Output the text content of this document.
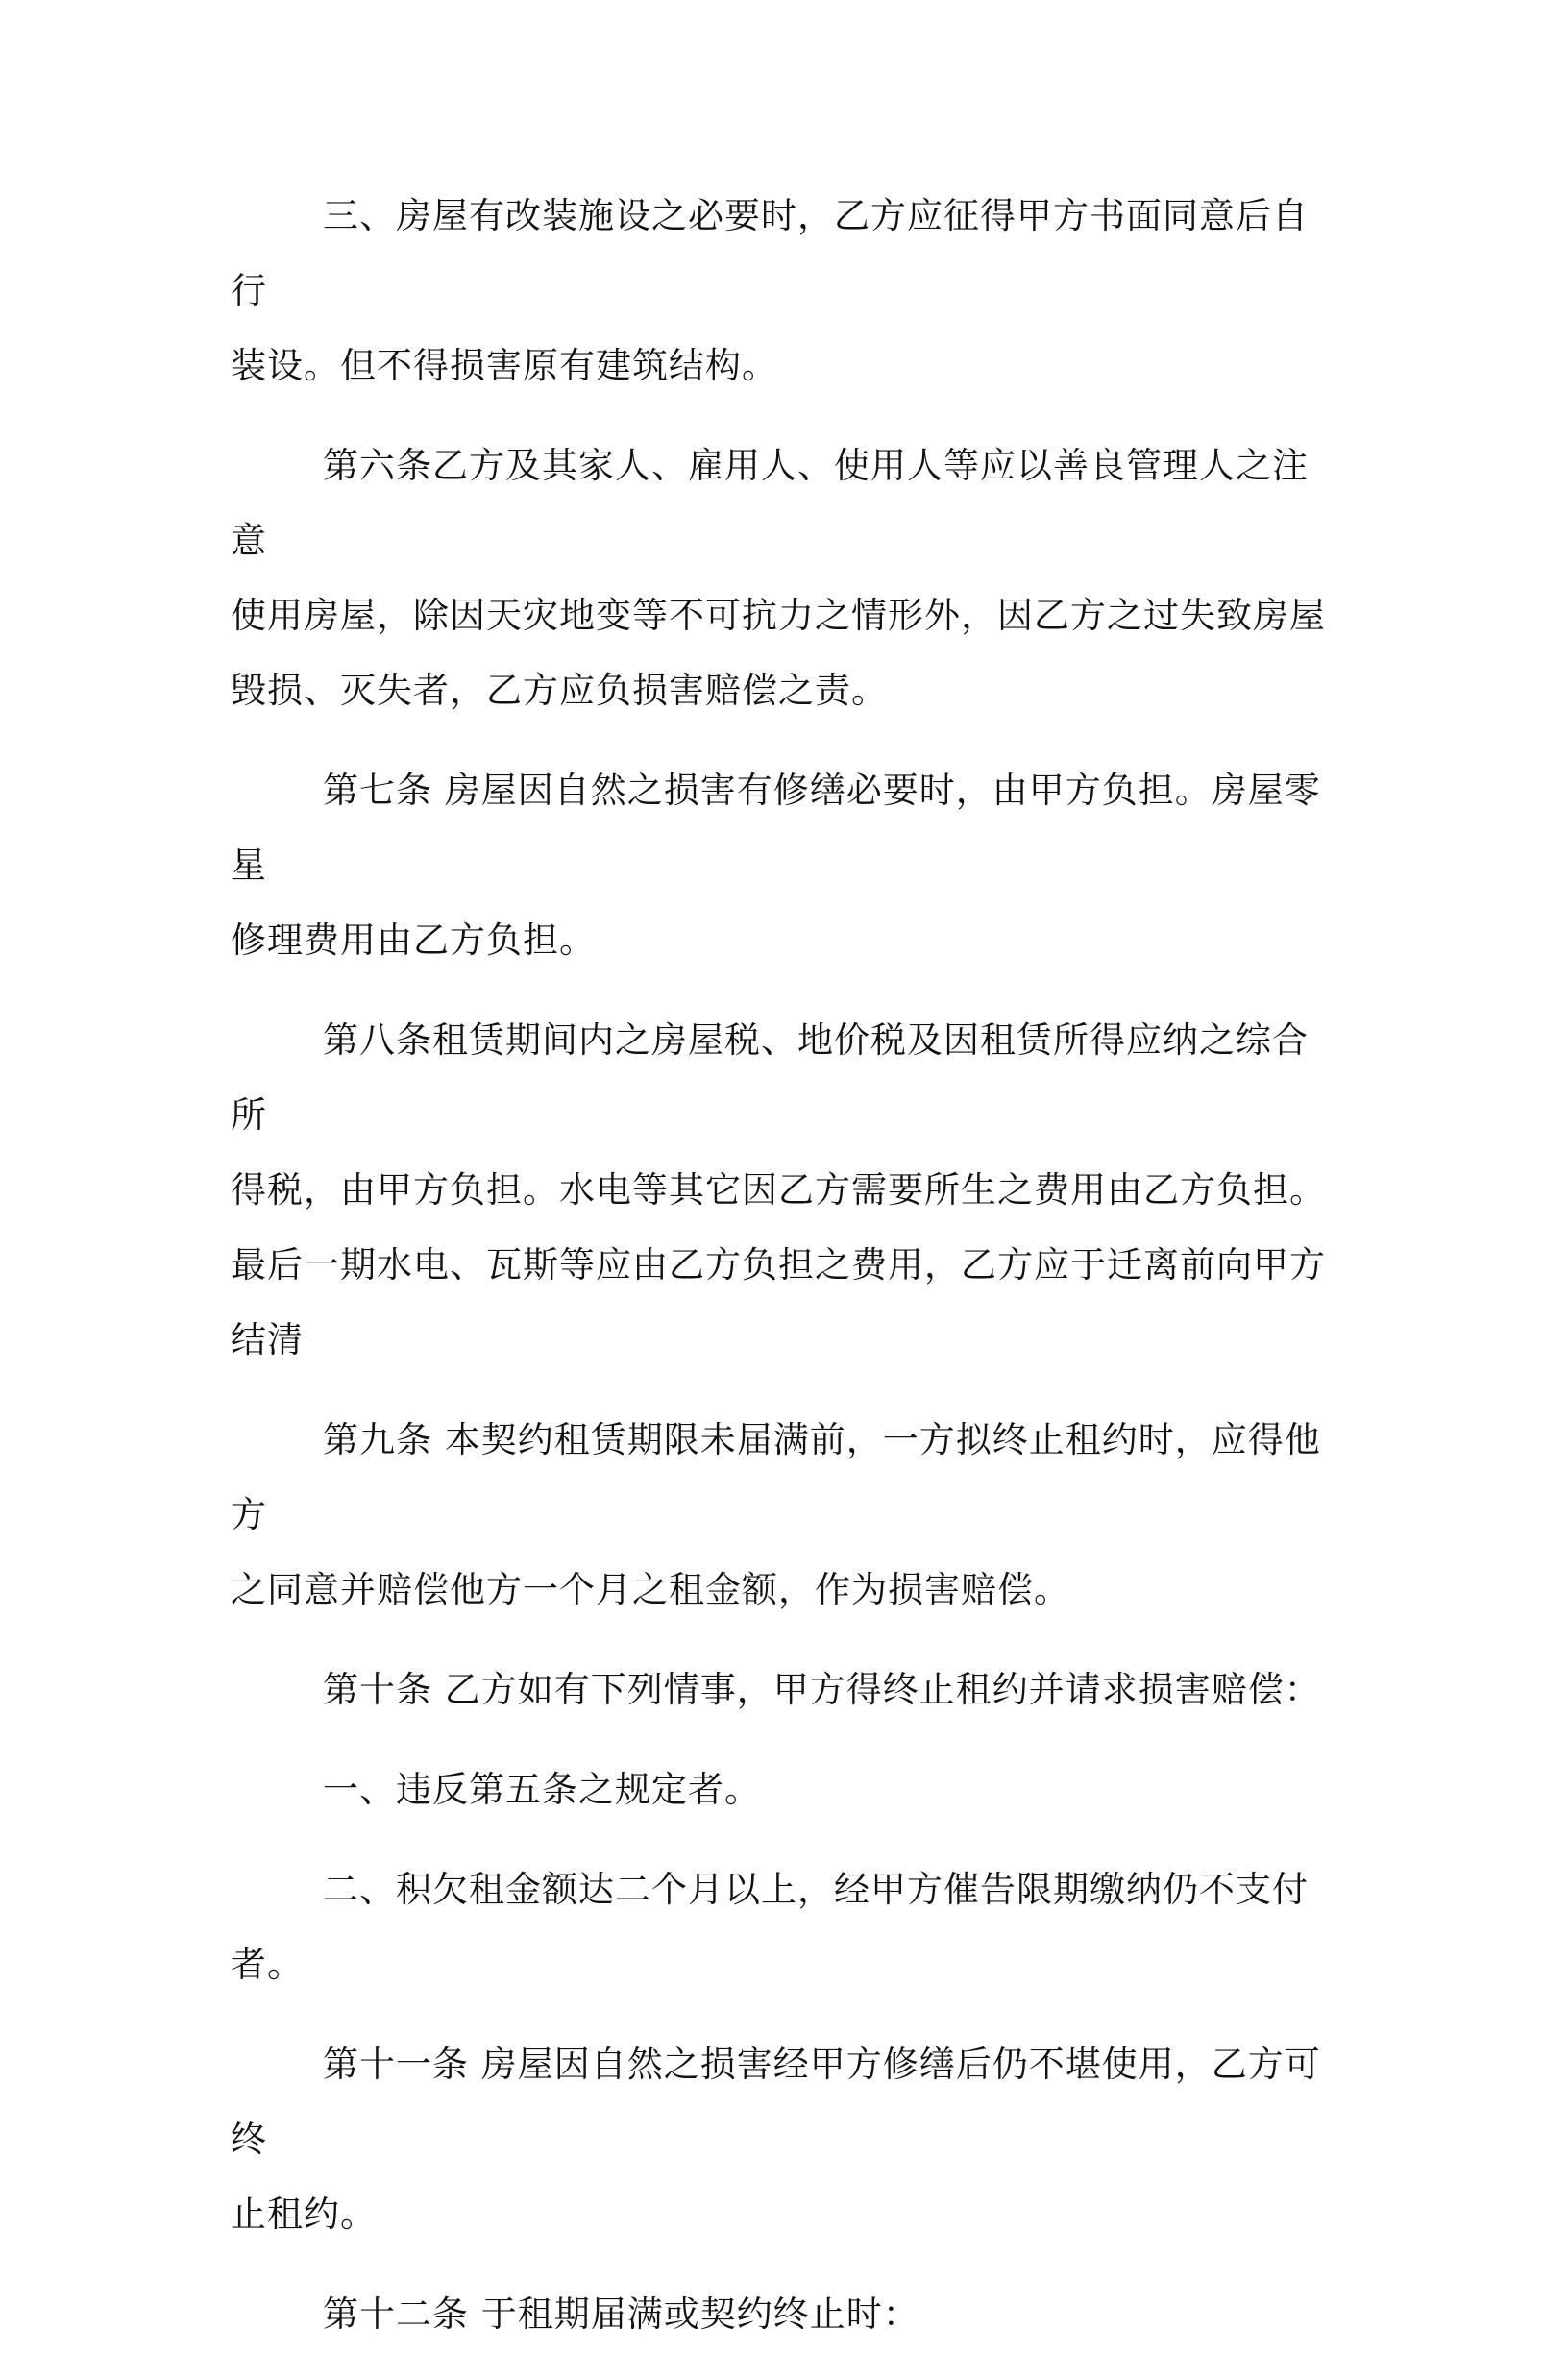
三、房屋有改装施设之必要时，乙方应征得甲方书面同意后自行
装设。但不得损害原有建筑结构。

第六条乙方及其家人、雇用人、使用人等应以善良管理人之注意
使用房屋，除因天灾地变等不可抗力之情形外，因乙方之过失致房屋
毁损、灭失者，乙方应负损害赔偿之责。

第七条 房屋因自然之损害有修缮必要时，由甲方负担。房屋零星
修理费用由乙方负担。

第八条租赁期间内之房屋税、地价税及因租赁所得应纳之综合所
得税，由甲方负担。水电等其它因乙方需要所生之费用由乙方负担。
最后一期水电、瓦斯等应由乙方负担之费用，乙方应于迁离前向甲方
结清

第九条 本契约租赁期限未届满前，一方拟终止租约时，应得他方
之同意并赔偿他方一个月之租金额，作为损害赔偿。

第十条 乙方如有下列情事，甲方得终止租约并请求损害赔偿：

一、违反第五条之规定者。

二、积欠租金额达二个月以上，经甲方催告限期缴纳仍不支付者。

第十一条 房屋因自然之损害经甲方修缮后仍不堪使用，乙方可终
止租约。

第十二条 于租期届满或契约终止时：
